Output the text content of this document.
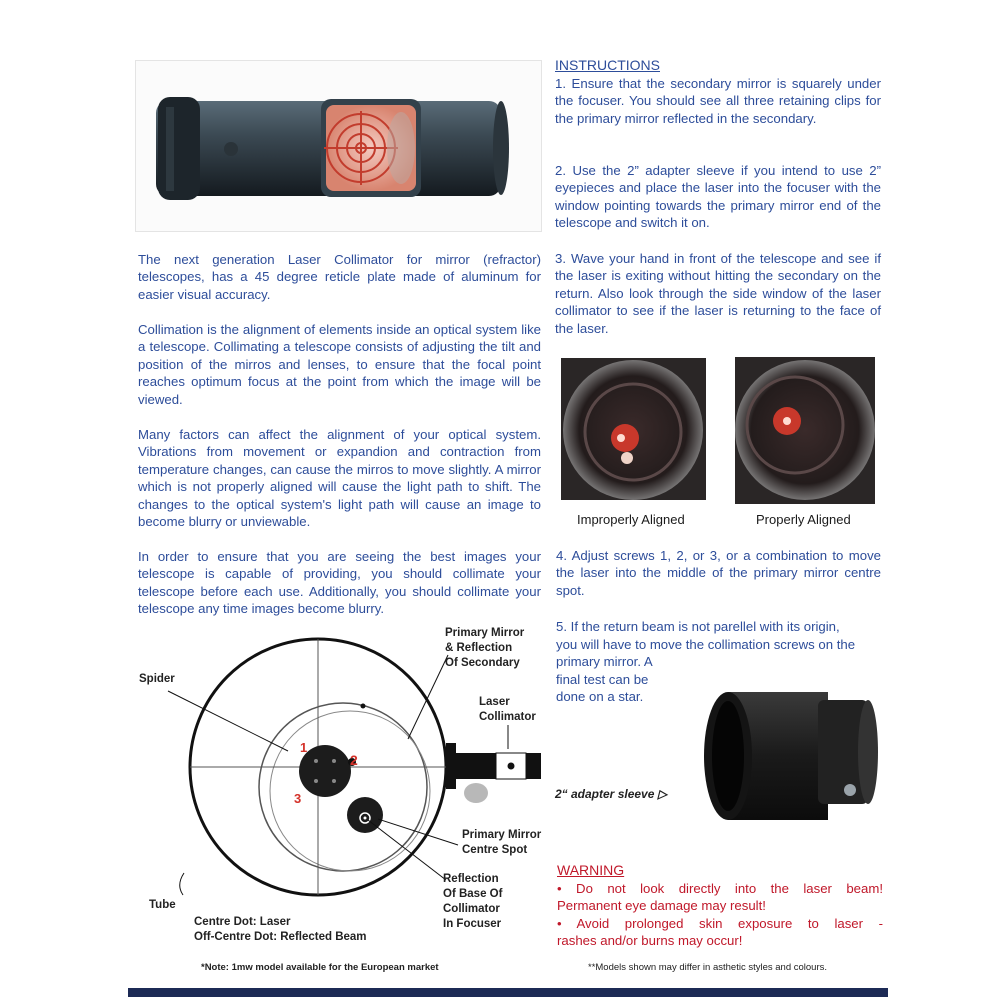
The next generation Laser Collimator for mirror (refractor) telescopes, has a 45 degree reticle plate made of aluminum for easier visual accuracy.

Collimation is the alignment of elements inside an optical system like a telescope. Collimating a telescope consists of adjusting the tilt and position of the mirros and lenses, to ensure that the focal point reaches optimum focus at the point from which the image will be viewed.

Many factors can affect the alignment of your optical system. Vibrations from movement or expandion and contraction from temperature changes, can cause the mirros to move slightly. A mirror which is not properly aligned will cause the light path to shift. The changes to the optical system's light path will cause an image to become blurry or unviewable.

In order to ensure that you are seeing the best images your telescope is capable of providing, you should collimate your telescope before each use. Additionally, you should collimate your telescope any time images become blurry.

INSTRUCTIONS

1. Ensure that the secondary mirror is squarely under the focuser. You should see all three retaining clips for the primary mirror reflected in the secondary.

2. Use the 2” adapter sleeve if you intend to use 2” eyepieces and place the laser into the focuser with the window pointing towards the primary mirror end of the telescope and switch it on.

3. Wave your hand in front of the telescope and see if the laser is exiting without hitting the secondary on the return. Also look through the side window of the laser collimator to see if the laser is returning to the face of the laser.

Improperly Aligned	Properly Aligned

4. Adjust screws 1, 2, or 3, or a combination to move the laser into the middle of the primary mirror centre spot.

5. If the return beam is not parellel with its origin,
you will have to move the collimation screws on the
primary mirror. A
final test can be
done on a star.
2“ adapter sleeve ▷
1
2
3
Spider
Primary Mirror
& Reflection
Of Secondary
Laser
Collimator
Primary Mirror
Centre Spot
Reflection
Of Base Of
Collimator
In Focuser
Tube
Centre Dot: Laser
Off-Centre Dot: Reflected Beam
WARNING
• Do not look directly into the laser beam!
Permanent eye damage may result!
• Avoid prolonged skin exposure to laser -
rashes and/or burns may occur!
*Note: 1mw model available for the European market	**Models shown may differ in asthetic styles and colours.
